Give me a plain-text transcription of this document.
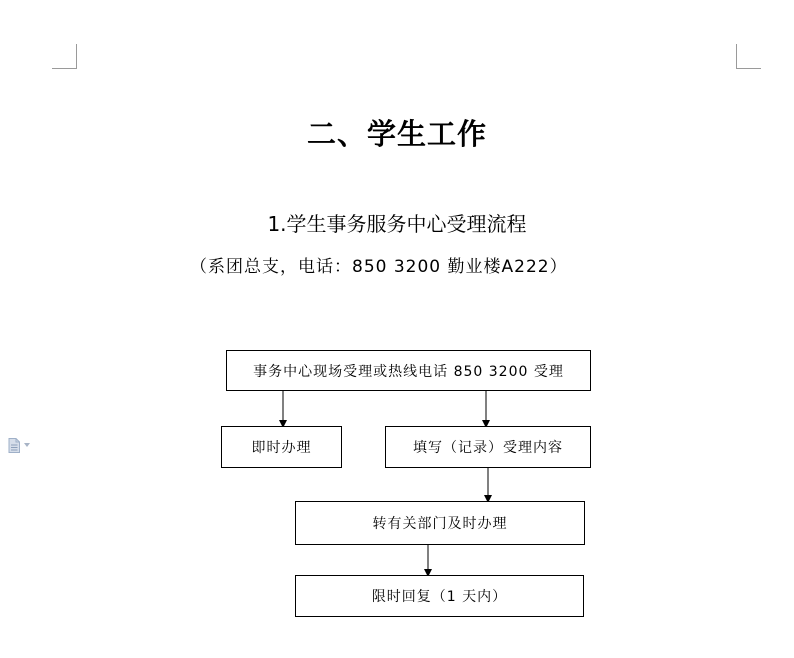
二、学生工作
1.学生事务服务中心受理流程
（系团总支，电话：850 3200 勤业楼A222）
事务中心现场受理或热线电话 850 3200 受理
即时办理	填写（记录）受理内容
转有关部门及时办理
限时回复（1 天内）
